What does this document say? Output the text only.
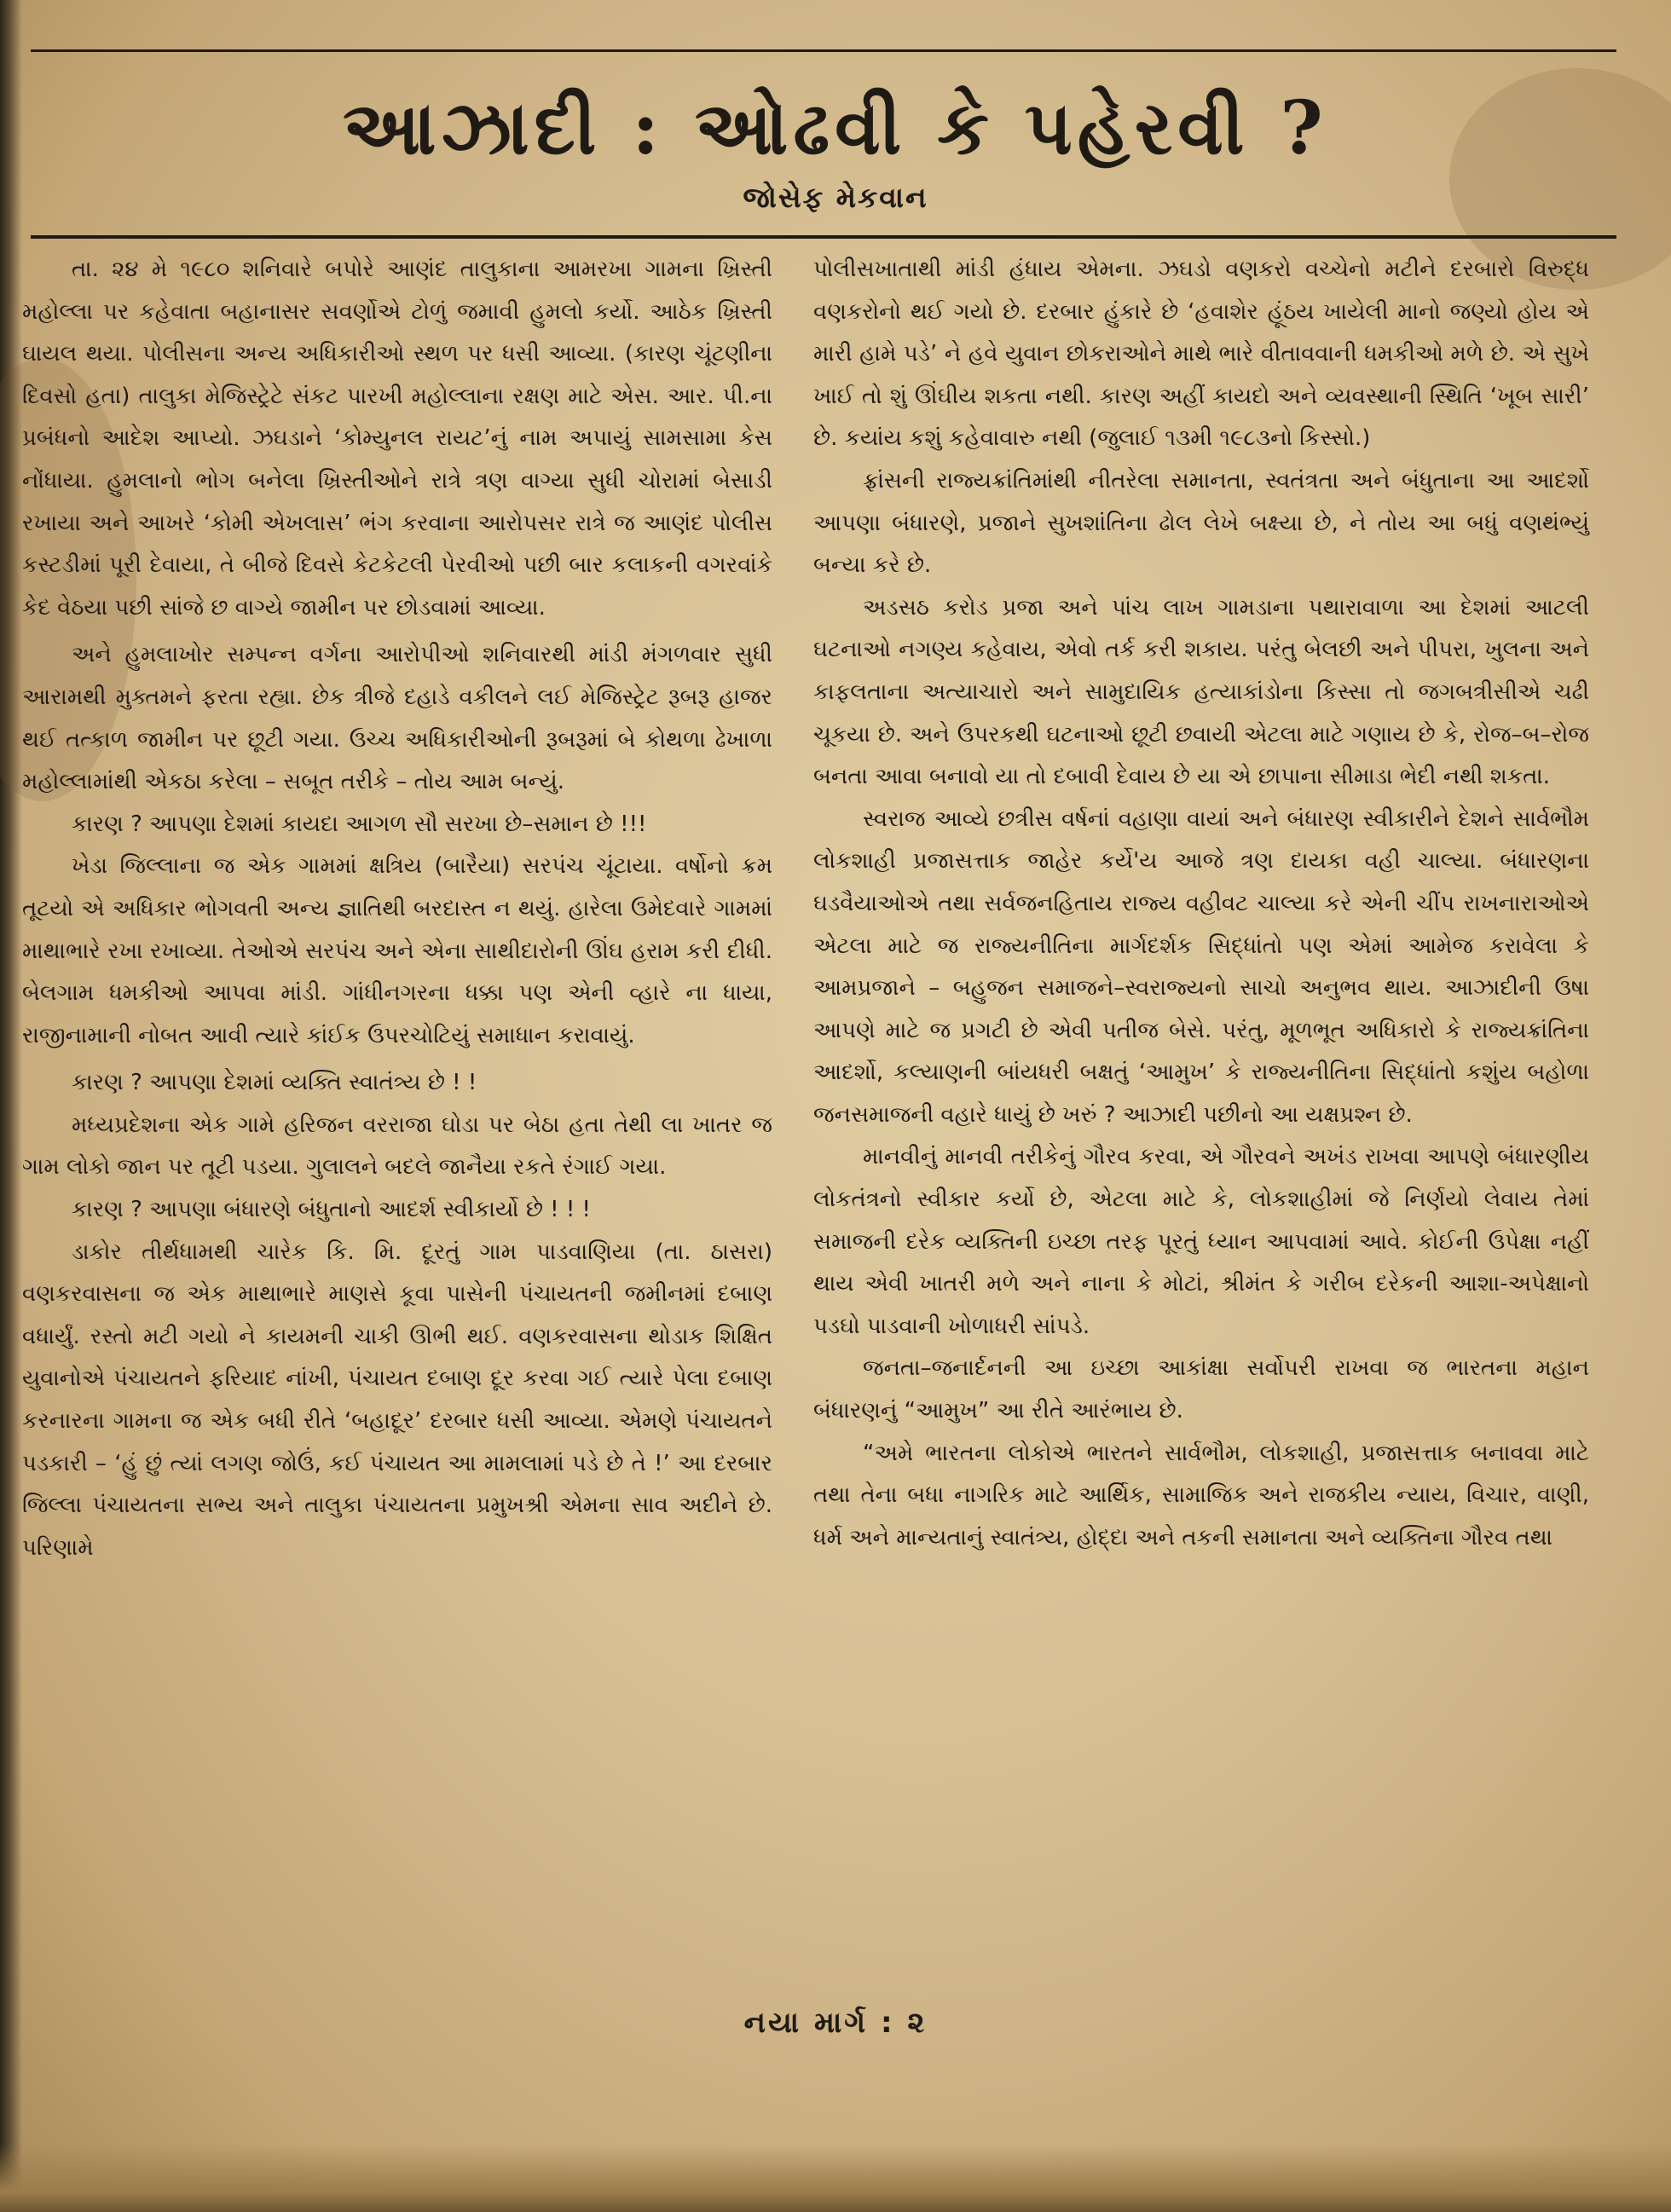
આઝાદી : ઓઢવી કે પહેરવી ?
જોસેફ મેકવાન

તા. ૨૪ મે ૧૯૮૦ શનિવારે બપોરે આણંદ તાલુકાના આમરખા ગામના ખ્રિસ્તી મહોલ્લા પર કહેવાતા બહાનાસર સવર્ણોએ ટોળું જમાવી હુમલો કર્યો. આઠેક ખ્રિસ્તી ઘાયલ થયા. પોલીસના અન્ય અધિકારીઓ સ્થળ પર ધસી આવ્યા. (કારણ ચૂંટણીના દિવસો હતા) તાલુકા મેજિસ્ટ્રેટે સંકટ પારખી મહોલ્લાના રક્ષણ માટે એસ. આર. પી.ના પ્રબંધનો આદેશ આપ્યો. ઝઘડાને ‘કોમ્યુનલ રાયટ’નું નામ અપાયું સામસામા કેસ નોંધાયા. હુમલાનો ભોગ બનેલા ખ્રિસ્તીઓને રાત્રે ત્રણ વાગ્યા સુધી ચોરામાં બેસાડી રખાયા અને આખરે ‘કોમી એખલાસ’ ભંગ કરવાના આરોપસર રાત્રે જ આણંદ પોલીસ કસ્ટડીમાં પૂરી દેવાયા, તે બીજે દિવસે કેટકેટલી પેરવીઓ પછી બાર કલાકની વગરવાંકે કેદ વેઠયા પછી સાંજે છ વાગ્યે જામીન પર છોડવામાં આવ્યા.

અને હુમલાખોર સમ્પન્ન વર્ગના આરોપીઓ શનિવારથી માંડી મંગળવાર સુધી આરામથી મુક્તમને ફરતા રહ્યા. છેક ત્રીજે દહાડે વકીલને લઈ મેજિસ્ટ્રેટ રૂબરૂ હાજર થઈ તત્કાળ જામીન પર છૂટી ગયા. ઉચ્ચ અધિકારીઓની રૂબરૂમાં બે કોથળા ઢેખાળા મહોલ્લામાંથી એકઠા કરેલા – સબૂત તરીકે – તોય આમ બન્યું.

કારણ ? આપણા દેશમાં કાયદા આગળ સૌ સરખા છે–સમાન છે !!!

ખેડા જિલ્લાના જ એક ગામમાં ક્ષત્રિય (બારૈયા) સરપંચ ચૂંટાયા. વર્ષોનો ક્રમ તૂટયો એ અધિકાર ભોગવતી અન્ય જ્ઞાતિથી બરદાસ્ત ન થયું. હારેલા ઉમેદવારે ગામમાં માથાભારે રખા રખાવ્યા. તેઓએ સરપંચ અને એના સાથીદારોની ઊંઘ હરામ કરી દીધી. બેલગામ ધમકીઓ આપવા માંડી. ગાંધીનગરના ધક્કા પણ એની વ્હારે ના ધાયા, રાજીનામાની નોબત આવી ત્યારે કાંઈક ઉપરચોટિયું સમાધાન કરાવાયું.

કારણ ? આપણા દેશમાં વ્યક્તિ સ્વાતંત્ર્ય છે ! !

મધ્યપ્રદેશના એક ગામે હરિજન વરરાજા ઘોડા પર બેઠા હતા તેથી લા ખાતર જ ગામ લોકો જાન પર તૂટી પડયા. ગુલાલને બદલે જાનૈયા રકતે રંગાઈ ગયા.

કારણ ? આપણા બંધારણે બંધુતાનો આદર્શ સ્વીકાર્યો છે ! ! !

ડાકોર તીર્થધામથી ચારેક કિ. મિ. દૂરતું ગામ પાડવાણિયા (તા. ઠાસરા) વણકરવાસના જ એક માથાભારે માણસે કૂવા પાસેની પંચાયતની જમીનમાં દબાણ વધાર્યું. રસ્તો મટી ગયો ને કાયમની ચાકી ઊભી થઈ. વણકરવાસના થોડાક શિક્ષિત યુવાનોએ પંચાયતને ફરિયાદ નાંખી, પંચાયત દબાણ દૂર કરવા ગઈ ત્યારે પેલા દબાણ કરનારના ગામના જ એક બધી રીતે ‘બહાદૂર’ દરબાર ધસી આવ્યા. એમણે પંચાયતને પડકારી – ‘હું છું ત્યાં લગણ જોઉં, કઈ પંચાયત આ મામલામાં પડે છે તે !’ આ દરબાર જિલ્લા પંચાયતના સભ્ય અને તાલુકા પંચાયતના પ્રમુખશ્રી એમના સાવ અદીને છે. પરિણામે

પોલીસખાતાથી માંડી હંધાય એમના. ઝઘડો વણકરો વચ્ચેનો મટીને દરબારો વિરુદ્ધ વણકરોનો થઈ ગયો છે. દરબાર હુંકારે છે ‘હવાશેર હૂંઠય ખાયેલી માનો જણ્યો હોય એ મારી હામે પડે’ ને હવે યુવાન છોકરાઓને માથે ભારે વીતાવવાની ધમકીઓ મળે છે. એ સુખે ખાઈ તો શું ઊંઘીય શકતા નથી. કારણ અહીં કાયદો અને વ્યવસ્થાની સ્થિતિ ‘ખૂબ સારી’ છે. કયાંય કશું કહેવાવારુ નથી (જુલાઈ ૧૩મી ૧૯૮૩નો કિસ્સો.)

ફ્રાંસની રાજ્યક્રાંતિમાંથી નીતરેલા સમાનતા, સ્વતંત્રતા અને બંધુતાના આ આદર્શો આપણા બંધારણે, પ્રજાને સુખશાંતિના ઢોલ લેખે બક્ષ્યા છે, ને તોય આ બધું વણથંભ્યું બન્યા કરે છે.

અડસઠ કરોડ પ્રજા અને પાંચ લાખ ગામડાના પથારાવાળા આ દેશમાં આટલી ઘટનાઓ નગણ્ય કહેવાય, એવો તર્ક કરી શકાય. પરંતુ બેલછી અને પીપરા, ખુલના અને કાફલતાના અત્યાચારો અને સામુદાયિક હત્યાકાંડોના કિસ્સા તો જગબત્રીસીએ ચઢી ચૂકયા છે. અને ઉપરકથી ઘટનાઓ છૂટી છવાયી એટલા માટે ગણાય છે કે, રોજ–બ–રોજ બનતા આવા બનાવો યા તો દબાવી દેવાય છે યા એ છાપાના સીમાડા ભેદી નથી શકતા.

સ્વરાજ આવ્યે છત્રીસ વર્ષનાં વહાણા વાયાં અને બંધારણ સ્વીકારીને દેશને સાર્વભૌમ લોકશાહી પ્રજાસત્તાક જાહેર કર્યે'ય આજે ત્રણ દાયકા વહી ચાલ્યા. બંધારણના ઘડવૈયાઓએ તથા સર્વજનહિતાય રાજ્ય વહીવટ ચાલ્યા કરે એની ચીંપ રાખનારાઓએ એટલા માટે જ રાજ્યનીતિના માર્ગદર્શક સિદ્ધાંતો પણ એમાં આમેજ કરાવેલા કે આમપ્રજાને – બહુજન સમાજને–સ્વરાજ્યનો સાચો અનુભવ થાય. આઝાદીની ઉષા આપણે માટે જ પ્રગટી છે એવી પતીજ બેસે. પરંતુ, મૂળભૂત અધિકારો કે રાજ્યક્રાંતિના આદર્શો, કલ્યાણની બાંયધરી બક્ષતું ‘આમુખ’ કે રાજ્યનીતિના સિદ્ધાંતો કશુંય બહોળા જનસમાજની વહારે ધાયું છે ખરું ? આઝાદી પછીનો આ યક્ષપ્રશ્ન છે.

માનવીનું માનવી તરીકેનું ગૌરવ કરવા, એ ગૌરવને અખંડ રાખવા આપણે બંધારણીય લોકતંત્રનો સ્વીકાર કર્યો છે, એટલા માટે કે, લોકશાહીમાં જે નિર્ણયો લેવાય તેમાં સમાજની દરેક વ્યક્તિની ઇચ્છા તરફ પૂરતું ધ્યાન આપવામાં આવે. કોઈની ઉપેક્ષા નહીં થાય એવી ખાતરી મળે અને નાના કે મોટાં, શ્રીમંત કે ગરીબ દરેકની આશા-અપેક્ષાનો પડઘો પાડવાની ખોળાધરી સાંપડે.

જનતા–જનાર્દનની આ ઇચ્છા આકાંક્ષા સર્વોપરી રાખવા જ ભારતના મહાન બંધારણનું “આમુખ” આ રીતે આરંભાય છે.

“અમે ભારતના લોકોએ ભારતને સાર્વભૌમ, લોકશાહી, પ્રજાસત્તાક બનાવવા માટે તથા તેના બધા નાગરિક માટે આર્થિક, સામાજિક અને રાજકીય ન્યાય, વિચાર, વાણી, ધર્મ અને માન્યતાનું સ્વાતંત્ર્ય, હોદ્દા અને તકની સમાનતા અને વ્યક્તિના ગૌરવ તથા

નયા માર્ગ : ૨
